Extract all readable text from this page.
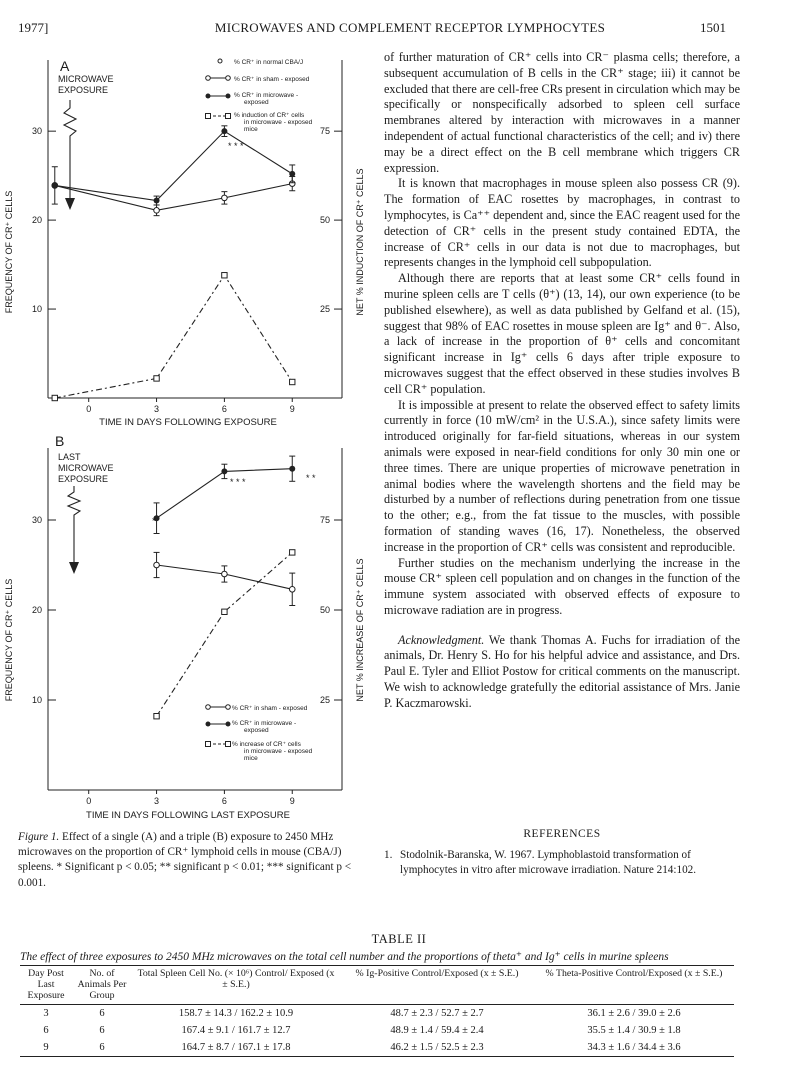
1977]	MICROWAVES AND COMPLEMENT RECEPTOR LYMPHOCYTES	1501
A
MICROWAVE
EXPOSURE
FREQUENCY OF CR⁺ CELLS	NET % INDUCTION OF CR⁺ CELLS
TIME IN DAYS FOLLOWING EXPOSURE
0	3	6	9
10
20
30
25
50
75
* * *
% CR⁺ in normal CBA/J
% CR⁺ in sham - exposed
% CR⁺ in microwave -
exposed
% induction of CR⁺ cells
in microwave - exposed
mice
B
LAST
MICROWAVE
EXPOSURE
FREQUENCY OF CR⁺ CELLS	NET % INCREASE OF CR⁺ CELLS
TIME IN DAYS FOLLOWING LAST EXPOSURE
0	3	6	9
10
20
30
25
50
75
*
* * *	* *
% CR⁺ in sham - exposed
% CR⁺ in microwave -
exposed
% increase of CR⁺ cells
in microwave - exposed
mice
Figure 1. Effect of a single (A) and a triple (B) exposure to 2450 MHz microwaves on the proportion of CR⁺ lymphoid cells in mouse (CBA/J) spleens. * Significant p < 0.05; ** significant p < 0.01; *** significant p < 0.001.

of further maturation of CR⁺ cells into CR⁻ plasma cells; therefore, a subsequent accumulation of B cells in the CR⁺ stage; iii) it cannot be excluded that there are cell-free CRs present in circulation which may be specifically or nonspecifically adsorbed to spleen cell surface membranes altered by interaction with microwaves in a manner independent of actual functional characteristics of the cell; and iv) there may be a direct effect on the B cell membrane which triggers CR expression.

It is known that macrophages in mouse spleen also possess CR (9). The formation of EAC rosettes by macrophages, in contrast to lymphocytes, is Ca⁺⁺ dependent and, since the EAC reagent used for the detection of CR⁺ cells in the present study contained EDTA, the increase of CR⁺ cells in our data is not due to macrophages, but represents changes in the lymphoid cell subpopulation.

Although there are reports that at least some CR⁺ cells found in murine spleen cells are T cells (θ⁺) (13, 14), our own experience (to be published elsewhere), as well as data published by Gelfand et al. (15), suggest that 98% of EAC rosettes in mouse spleen are Ig⁺ and θ⁻. Also, a lack of increase in the proportion of θ⁺ cells and concomitant significant increase in Ig⁺ cells 6 days after triple exposure to microwaves suggest that the effect observed in these studies involves B cell CR⁺ population.

It is impossible at present to relate the observed effect to safety limits currently in force (10 mW/cm² in the U.S.A.), since safety limits were introduced originally for far-field situations, whereas in our system animals were exposed in near-field conditions for only 30 min one or three times. There are unique properties of microwave penetration in animal bodies where the wavelength shortens and the field may be disturbed by a number of reflections during penetration from one tissue to the other; e.g., from the fat tissue to the muscles, with possible formation of standing waves (16, 17). Nonetheless, the observed increase in the proportion of CR⁺ cells was consistent and reproducible.

Further studies on the mechanism underlying the increase in the mouse CR⁺ spleen cell population and on changes in the function of the immune system associated with observed effects of exposure to microwave radiation are in progress.

Acknowledgment. We thank Thomas A. Fuchs for irradiation of the animals, Dr. Henry S. Ho for his helpful advice and assistance, and Drs. Paul E. Tyler and Elliot Postow for critical comments on the manuscript. We wish to acknowledge gratefully the editorial assistance of Mrs. Janie P. Kaczmarowski.

REFERENCES
1. Stodolnik-Baranska, W. 1967. Lymphoblastoid transformation of lymphocytes in vitro after microwave irradiation. Nature 214:102.
TABLE II
The effect of three exposures to 2450 MHz microwaves on the total cell number and the proportions of theta⁺ and Ig⁺ cells in murine spleens
Day Post Last Exposure	No. of Animals Per Group	Total Spleen Cell No. (× 10⁶) Control/ Exposed (x ± S.E.)	% Ig-Positive Control/Exposed (x ± S.E.)	% Theta-Positive Control/Exposed (x ± S.E.)
3	6	158.7 ± 14.3 / 162.2 ± 10.9	48.7 ± 2.3 / 52.7 ± 2.7	36.1 ± 2.6 / 39.0 ± 2.6
6	6	167.4 ± 9.1 / 161.7 ± 12.7	48.9 ± 1.4 / 59.4 ± 2.4	35.5 ± 1.4 / 30.9 ± 1.8
9	6	164.7 ± 8.7 / 167.1 ± 17.8	46.2 ± 1.5 / 52.5 ± 2.3	34.3 ± 1.6 / 34.4 ± 3.6
